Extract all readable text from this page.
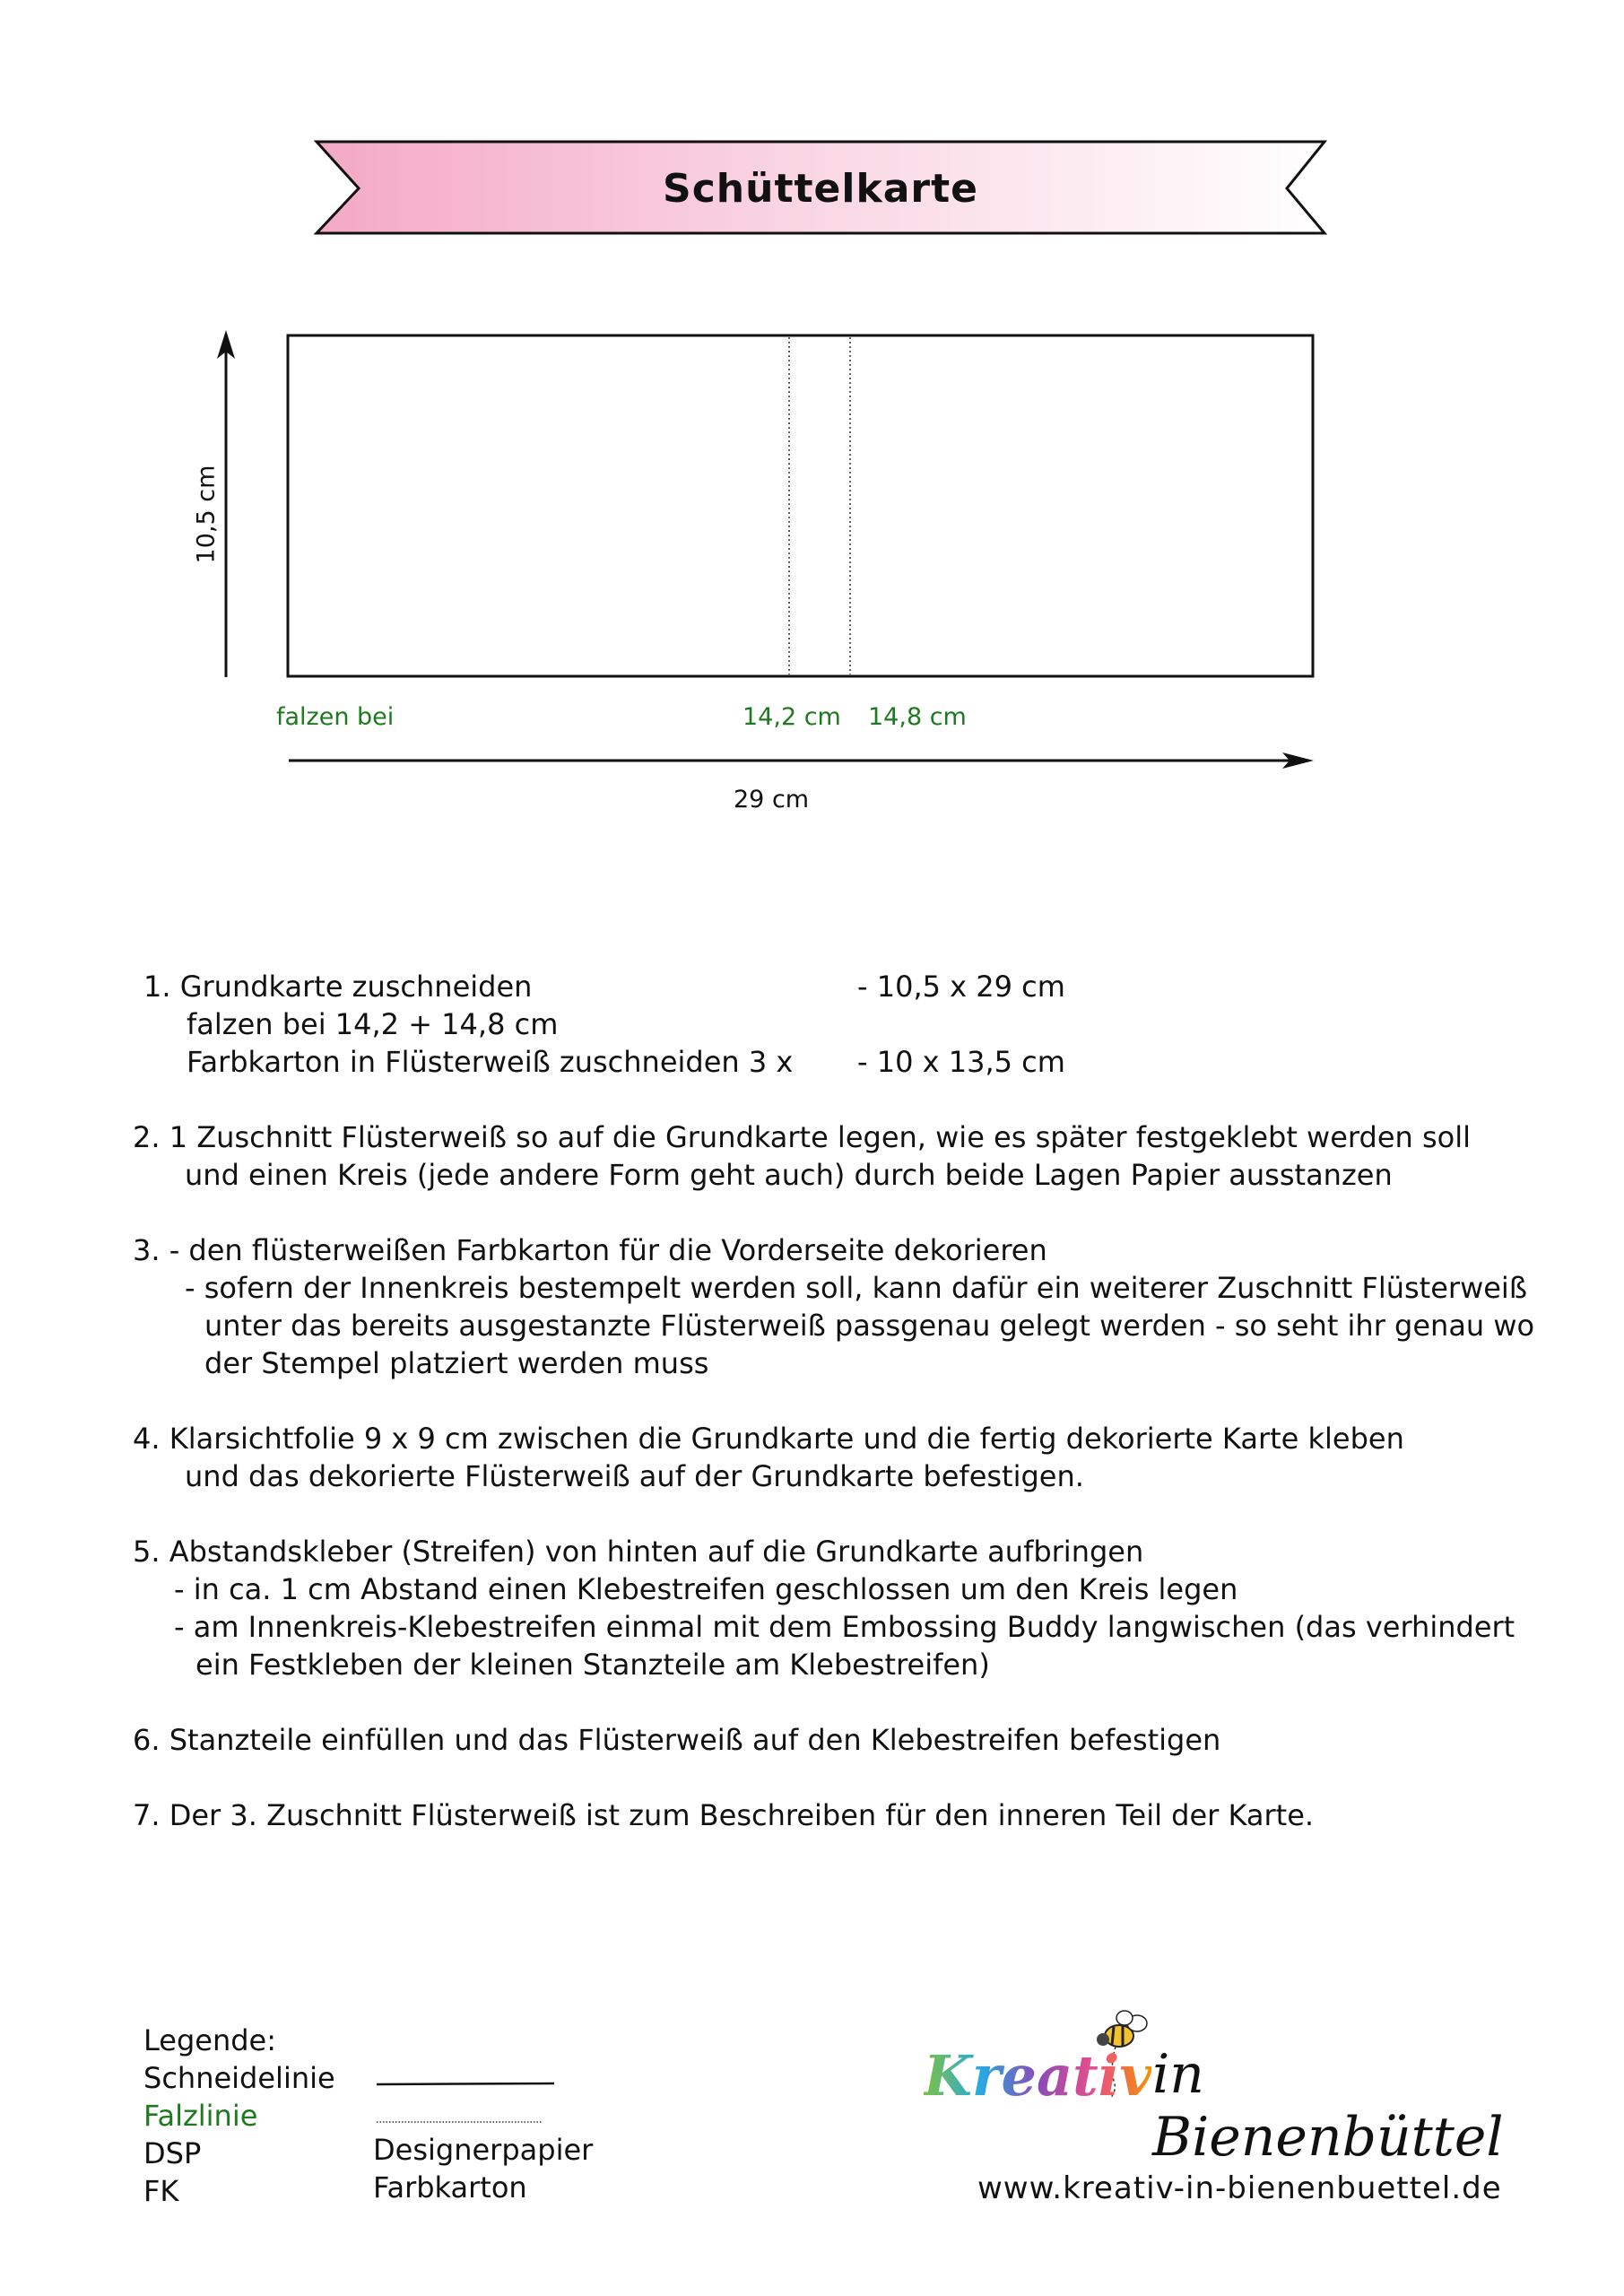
Schüttelkarte
10,5 cm
falzen bei	14,2 cm 14,8 cm
29 cm
1. Grundkarte zuschneiden	- 10,5 x 29 cm
falzen bei 14,2 + 14,8 cm
Farbkarton in Flüsterweiß zuschneiden 3 x - 10 x 13,5 cm
2. 1 Zuschnitt Flüsterweiß so auf die Grundkarte legen, wie es später festgeklebt werden soll
und einen Kreis (jede andere Form geht auch) durch beide Lagen Papier ausstanzen
3. - den flüsterweißen Farbkarton für die Vorderseite dekorieren
- sofern der Innenkreis bestempelt werden soll, kann dafür ein weiterer Zuschnitt Flüsterweiß
unter das bereits ausgestanzte Flüsterweiß passgenau gelegt werden - so seht ihr genau wo
der Stempel platziert werden muss
4. Klarsichtfolie 9 x 9 cm zwischen die Grundkarte und die fertig dekorierte Karte kleben
und das dekorierte Flüsterweiß auf der Grundkarte befestigen.
5. Abstandskleber (Streifen) von hinten auf die Grundkarte aufbringen
- in ca. 1 cm Abstand einen Klebestreifen geschlossen um den Kreis legen
- am Innenkreis-Klebestreifen einmal mit dem Embossing Buddy langwischen (das verhindert
ein Festkleben der kleinen Stanzteile am Klebestreifen)
6. Stanzteile einfüllen und das Flüsterweiß auf den Klebestreifen befestigen
7. Der 3. Zuschnitt Flüsterweiß ist zum Beschreiben für den inneren Teil der Karte.
Legende:
Schneidelinie
Falzlinie
DSP	Designerpapier
FK	Farbkarton
Kreativ in Bienenbüttel
www.kreativ-in-bienenbuettel.de
